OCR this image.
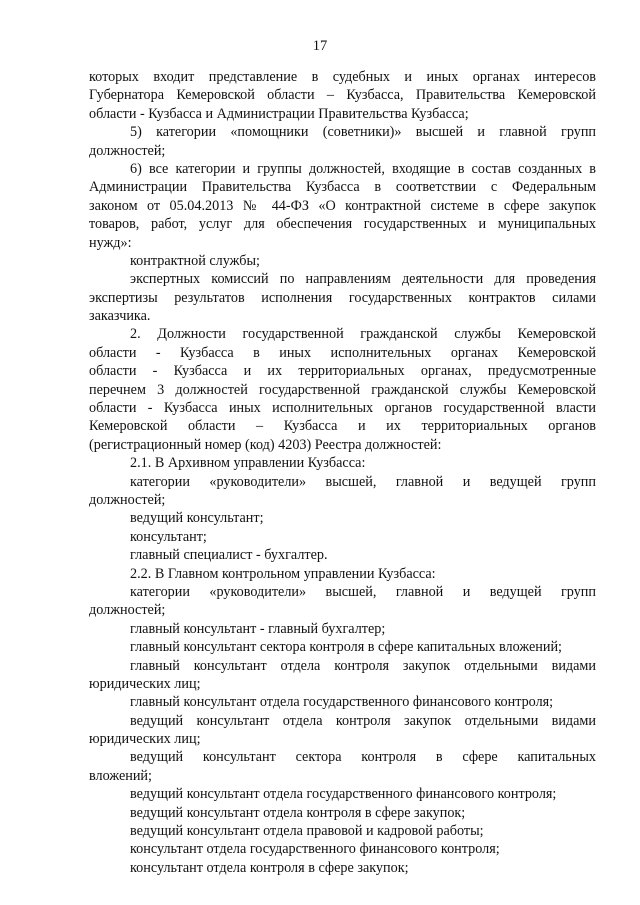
17
которых входит представление в судебных и иных органах интересов
Губернатора Кемеровской области – Кузбасса, Правительства Кемеровской
области - Кузбасса и Администрации Правительства Кузбасса;
5) категории «помощники (советники)» высшей и главной групп
должностей;
6) все категории и группы должностей, входящие в состав созданных в
Администрации Правительства Кузбасса в соответствии с Федеральным
законом от 05.04.2013 № 44-ФЗ «О контрактной системе в сфере закупок
товаров, работ, услуг для обеспечения государственных и муниципальных
нужд»:
контрактной службы;
экспертных комиссий по направлениям деятельности для проведения
экспертизы результатов исполнения государственных контрактов силами
заказчика.
2. Должности государственной гражданской службы Кемеровской
области - Кузбасса в иных исполнительных органах Кемеровской
области - Кузбасса и их территориальных органах, предусмотренные
перечнем 3 должностей государственной гражданской службы Кемеровской
области - Кузбасса иных исполнительных органов государственной власти
Кемеровской области – Кузбасса и их территориальных органов
(регистрационный номер (код) 4203) Реестра должностей:
2.1. В Архивном управлении Кузбасса:
категории «руководители» высшей, главной и ведущей групп
должностей;
ведущий консультант;
консультант;
главный специалист - бухгалтер.
2.2. В Главном контрольном управлении Кузбасса:
категории «руководители» высшей, главной и ведущей групп
должностей;
главный консультант - главный бухгалтер;
главный консультант сектора контроля в сфере капитальных вложений;
главный консультант отдела контроля закупок отдельными видами
юридических лиц;
главный консультант отдела государственного финансового контроля;
ведущий консультант отдела контроля закупок отдельными видами
юридических лиц;
ведущий консультант сектора контроля в сфере капитальных
вложений;
ведущий консультант отдела государственного финансового контроля;
ведущий консультант отдела контроля в сфере закупок;
ведущий консультант отдела правовой и кадровой работы;
консультант отдела государственного финансового контроля;
консультант отдела контроля в сфере закупок;
